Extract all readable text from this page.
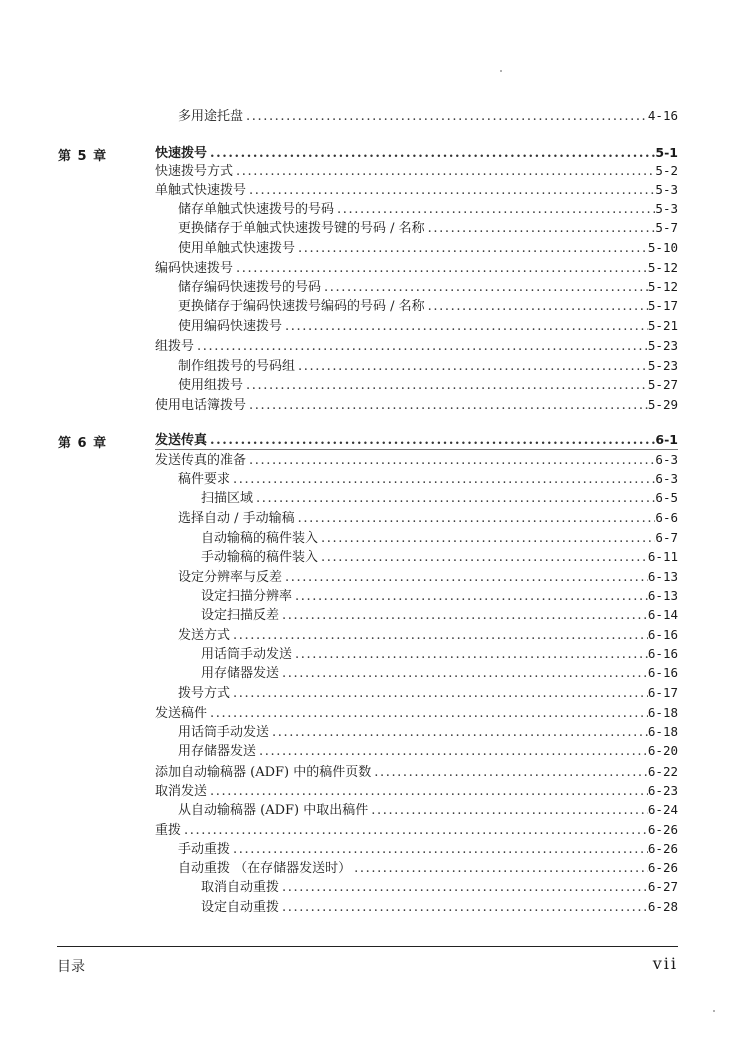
第 5 章
第 6 章
多用途托盘 .....	4-16
快速拨号 .....	5-1
快速拨号方式 .....	5-2
单触式快速拨号 .....	5-3
储存单触式快速拨号的号码 .....	5-3
更换储存于单触式快速拨号键的号码 / 名称 .....	5-7
使用单触式快速拨号 .....	5-10
编码快速拨号 .....	5-12
储存编码快速拨号的号码 .....	5-12
更换储存于编码快速拨号编码的号码 / 名称 .....	5-17
使用编码快速拨号 .....	5-21
组拨号 .....	5-23
制作组拨号的号码组 .....	5-23
使用组拨号 .....	5-27
使用电话簿拨号 .....	5-29
发送传真 .....	6-1
发送传真的准备 .....	6-3
稿件要求 .....	6-3
扫描区域 .....	6-5
选择自动 / 手动输稿 .....	6-6
自动输稿的稿件装入 .....	6-7
手动输稿的稿件装入 .....	6-11
设定分辨率与反差 .....	6-13
设定扫描分辨率 .....	6-13
设定扫描反差 .....	6-14
发送方式 .....	6-16
用话筒手动发送 .....	6-16
用存储器发送 .....	6-16
拨号方式 .....	6-17
发送稿件 .....	6-18
用话筒手动发送 .....	6-18
用存储器发送 .....	6-20
添加自动输稿器 (ADF) 中的稿件页数 .....	6-22
取消发送 .....	6-23
从自动输稿器 (ADF) 中取出稿件 .....	6-24
重拨 .....	6-26
手动重拨 .....	6-26
自动重拨 （在存储器发送时） .....	6-26
取消自动重拨 .....	6-27
设定自动重拨 .....	6-28
目录	vii
